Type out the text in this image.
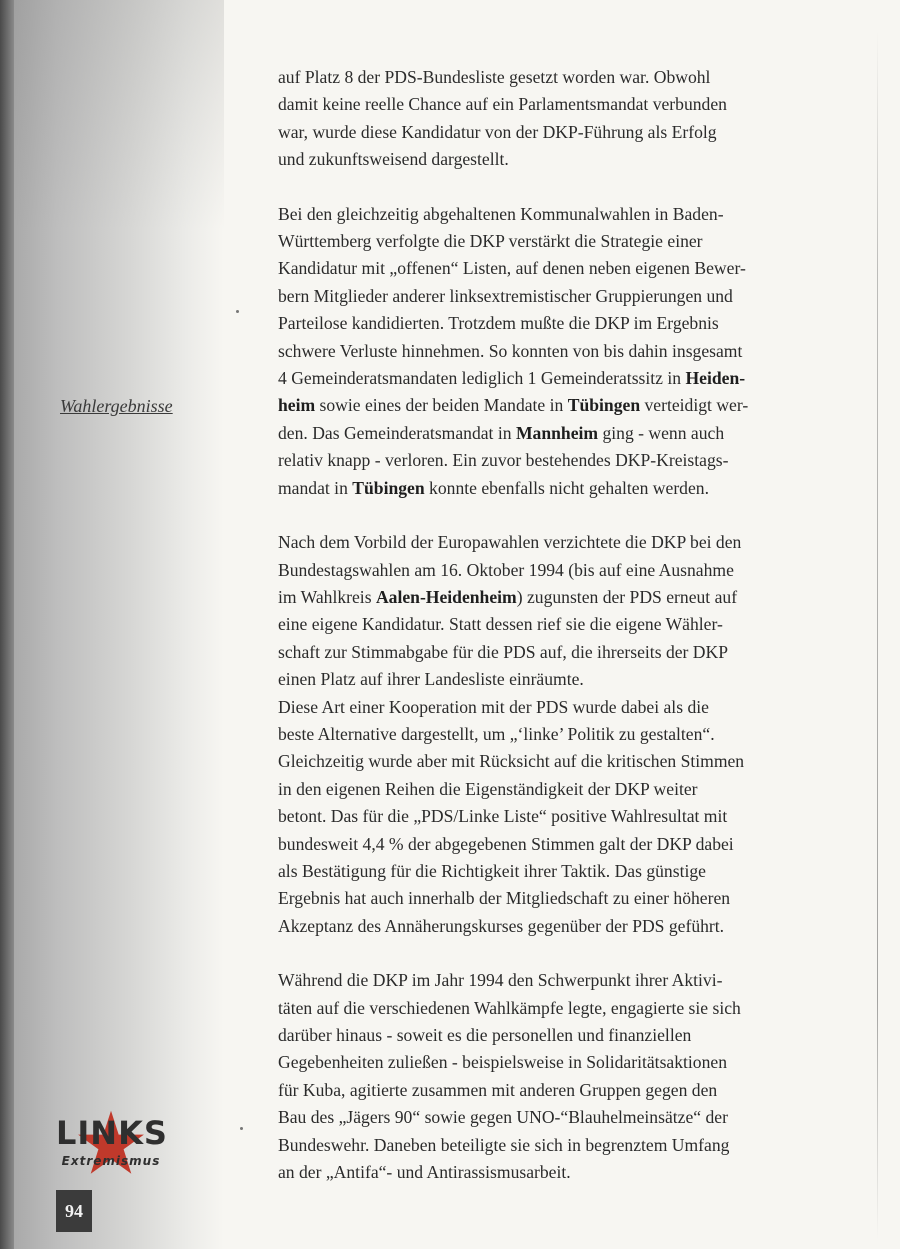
Wahlergebnisse

auf Platz 8 der PDS-Bundesliste gesetzt worden war. Obwohl
damit keine reelle Chance auf ein Parlamentsmandat verbunden
war, wurde diese Kandidatur von der DKP-Führung als Erfolg
und zukunftsweisend dargestellt.

Bei den gleichzeitig abgehaltenen Kommunalwahlen in Baden-
Württemberg verfolgte die DKP verstärkt die Strategie einer
Kandidatur mit „offenen“ Listen, auf denen neben eigenen Bewer-
bern Mitglieder anderer linksextremistischer Gruppierungen und
Parteilose kandidierten. Trotzdem mußte die DKP im Ergebnis
schwere Verluste hinnehmen. So konnten von bis dahin insgesamt
4 Gemeinderatsmandaten lediglich 1 Gemeinderatssitz in Heiden-
heim sowie eines der beiden Mandate in Tübingen verteidigt wer-
den. Das Gemeinderatsmandat in Mannheim ging - wenn auch
relativ knapp - verloren. Ein zuvor bestehendes DKP-Kreistags-
mandat in Tübingen konnte ebenfalls nicht gehalten werden.

Nach dem Vorbild der Europawahlen verzichtete die DKP bei den
Bundestagswahlen am 16. Oktober 1994 (bis auf eine Ausnahme
im Wahlkreis Aalen-Heidenheim) zugunsten der PDS erneut auf
eine eigene Kandidatur. Statt dessen rief sie die eigene Wähler-
schaft zur Stimmabgabe für die PDS auf, die ihrerseits der DKP
einen Platz auf ihrer Landesliste einräumte.
Diese Art einer Kooperation mit der PDS wurde dabei als die
beste Alternative dargestellt, um „‘linke’ Politik zu gestalten“.
Gleichzeitig wurde aber mit Rücksicht auf die kritischen Stimmen
in den eigenen Reihen die Eigenständigkeit der DKP weiter
betont. Das für die „PDS/Linke Liste“ positive Wahlresultat mit
bundesweit 4,4 % der abgegebenen Stimmen galt der DKP dabei
als Bestätigung für die Richtigkeit ihrer Taktik. Das günstige
Ergebnis hat auch innerhalb der Mitgliedschaft zu einer höheren
Akzeptanz des Annäherungskurses gegenüber der PDS geführt.

Während die DKP im Jahr 1994 den Schwerpunkt ihrer Aktivi-
täten auf die verschiedenen Wahlkämpfe legte, engagierte sie sich
darüber hinaus - soweit es die personellen und finanziellen
Gegebenheiten zuließen - beispielsweise in Solidaritätsaktionen
für Kuba, agitierte zusammen mit anderen Gruppen gegen den
Bau des „Jägers 90“ sowie gegen UNO-“Blauhelmeinsätze“ der
Bundeswehr. Daneben beteiligte sie sich in begrenztem Umfang
an der „Antifa“- und Antirassismusarbeit.

LINKS
Extremismus
94
